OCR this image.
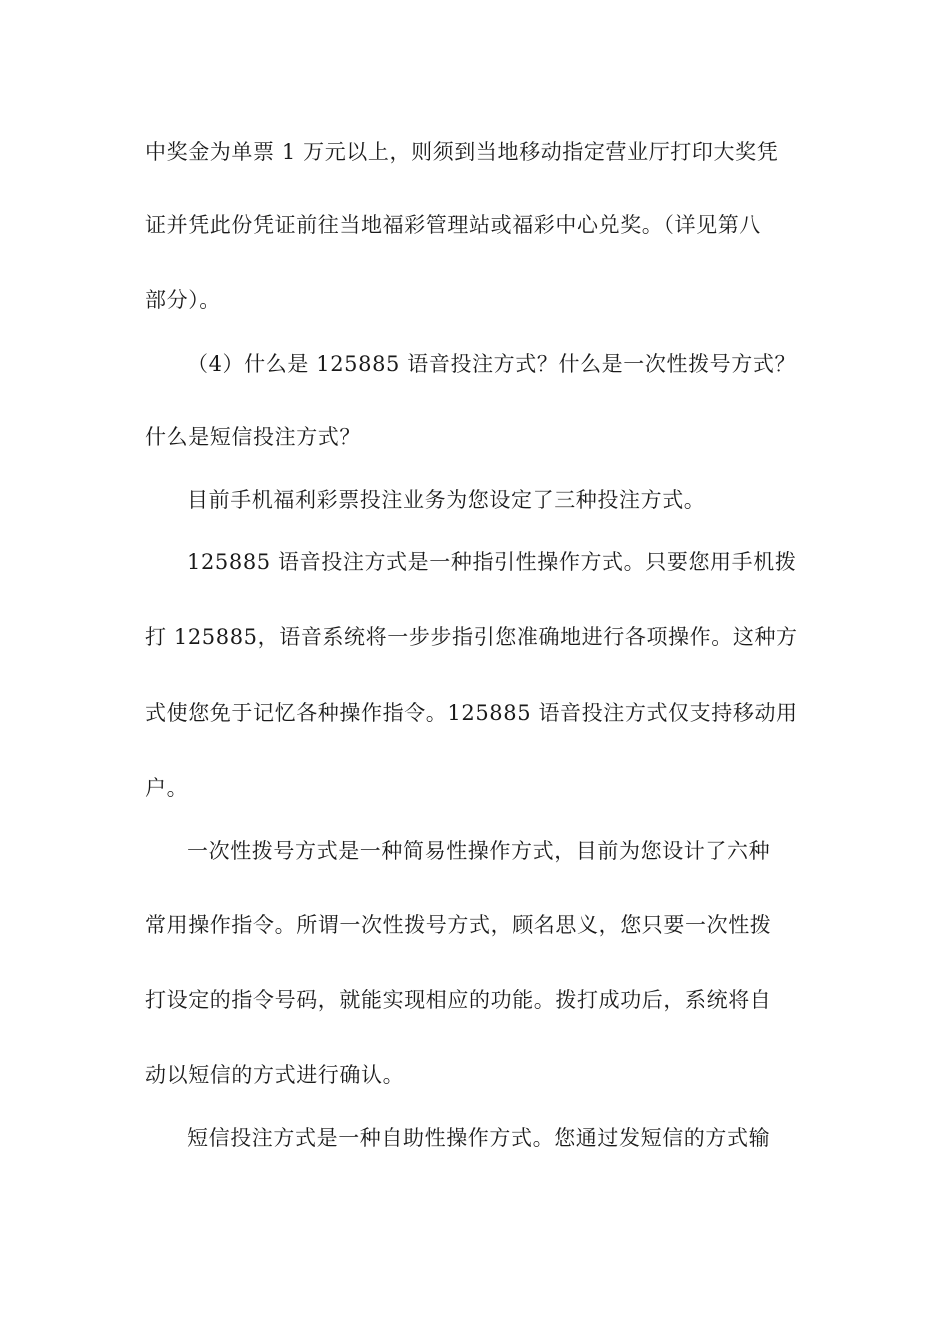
中奖金为单票 1 万元以上，则须到当地移动指定营业厅打印大奖凭
证并凭此份凭证前往当地福彩管理站或福彩中心兑奖。（详见第八
部分）。
（4）什么是 125885 语音投注方式？什么是一次性拨号方式？
什么是短信投注方式？
目前手机福利彩票投注业务为您设定了三种投注方式。
125885 语音投注方式是一种指引性操作方式。只要您用手机拨
打 125885，语音系统将一步步指引您准确地进行各项操作。这种方
式使您免于记忆各种操作指令。125885 语音投注方式仅支持移动用
户。
一次性拨号方式是一种简易性操作方式，目前为您设计了六种
常用操作指令。所谓一次性拨号方式，顾名思义，您只要一次性拨
打设定的指令号码，就能实现相应的功能。拨打成功后，系统将自
动以短信的方式进行确认。
短信投注方式是一种自助性操作方式。您通过发短信的方式输
